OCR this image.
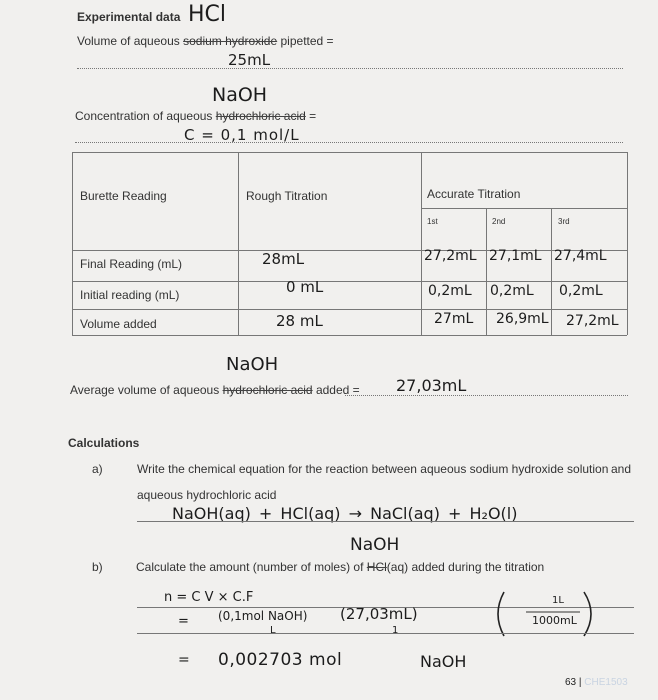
Experimental data HCl
Volume of aqueous sodium hydroxide pipetted =
25mL
NaOH
Concentration of aqueous hydrochloric acid =
C = 0,1 mol/L
Burette Reading	Rough Titration	Accurate Titration
1st	2nd	3rd
Final Reading (mL)	28mL	27,2mL 27,1mL 27,4mL
Initial reading (mL)	0 mL	0,2mL 0,2mL 0,2mL
Volume added	28 mL	27mL 26,9mL 27,2mL
NaOH
Average volume of aqueous hydrochloric acid added = 27,03mL
Calculations
a)	Write the chemical equation for the reaction between aqueous sodium hydroxide solution and
aqueous hydrochloric acid
NaOH(aq) + HCl(aq) → NaCl(aq) + H₂O(l)
NaOH
b)	Calculate the amount (number of moles) of HCl(aq) added during the titration
n = C V × C.F
= (0,1mol NaOH)
L
(27,03mL)
1
1L
1000mL
= 0,002703 mol	NaOH
63 | CHE1503
